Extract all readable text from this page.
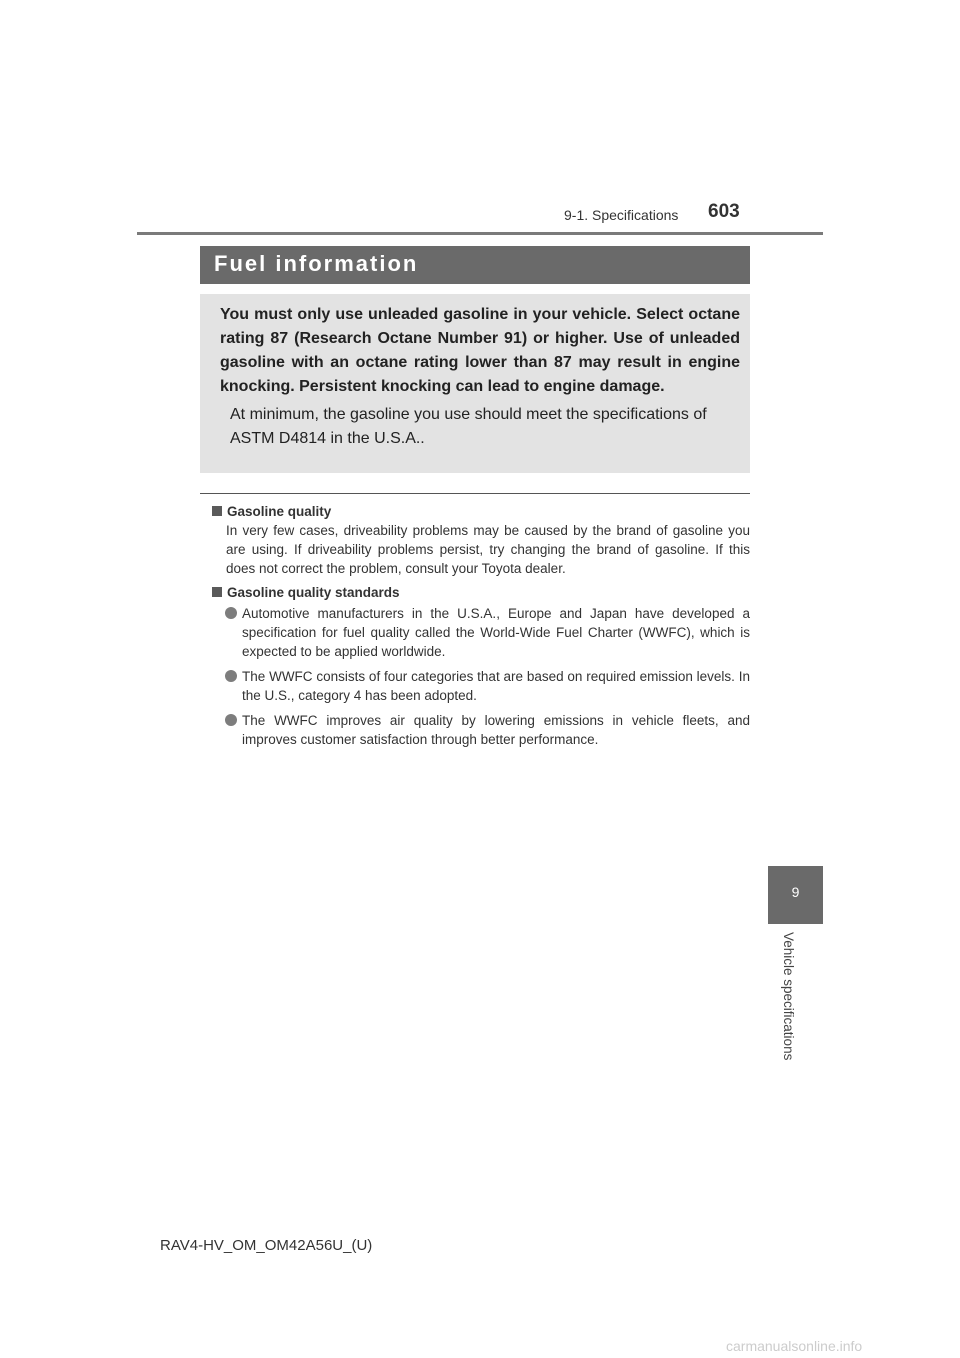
9-1. Specifications 603
Fuel information

You must only use unleaded gasoline in your vehicle. Select octane rating 87 (Research Octane Number 91) or higher. Use of unleaded gasoline with an octane rating lower than 87 may result in engine knocking. Persistent knocking can lead to engine damage.

At minimum, the gasoline you use should meet the specifications of ASTM D4814 in the U.S.A..

Gasoline quality

In very few cases, driveability problems may be caused by the brand of gasoline you are using. If driveability problems persist, try changing the brand of gasoline. If this does not correct the problem, consult your Toyota dealer.

Gasoline quality standards

Automotive manufacturers in the U.S.A., Europe and Japan have developed a specification for fuel quality called the World-Wide Fuel Charter (WWFC), which is expected to be applied worldwide.
The WWFC consists of four categories that are based on required emission levels. In the U.S., category 4 has been adopted.
The WWFC improves air quality by lowering emissions in vehicle fleets, and improves customer satisfaction through better performance.
9
Vehicle specifications
RAV4-HV_OM_OM42A56U_(U)
carmanualsonline.info
